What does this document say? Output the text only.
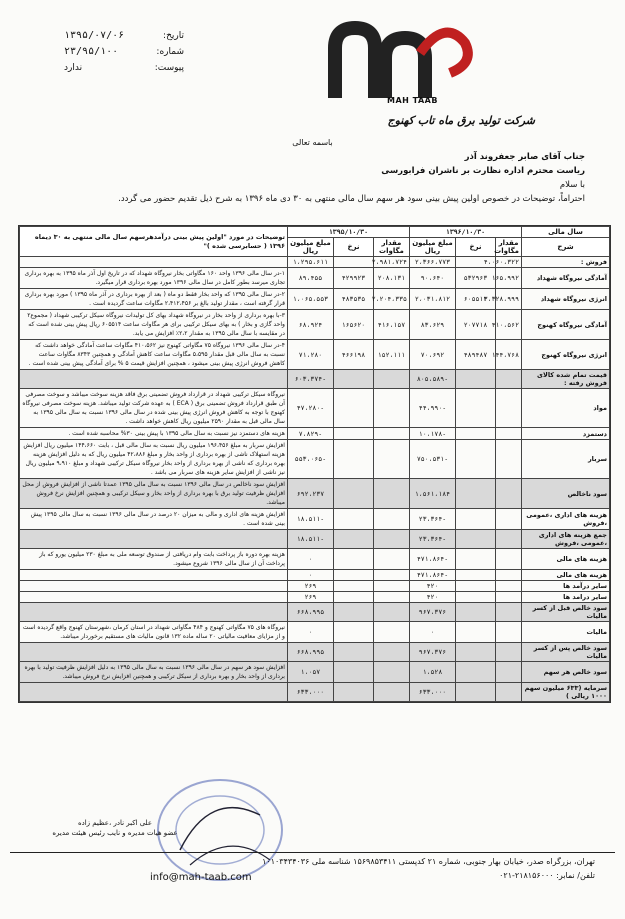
تاریخ:
۱۳۹۵/۰۷/۰۶
شماره:
۲۳/۹۵/۱۰۰
پیوست:
ندارد
MAH TAAB
شرکت تولید برق ماه تاب کهنوج
باسمه تعالی
جناب آقای صابر جعفروند آذر
ریاست محترم اداره نظارت بر ناشران فرابورسی
با سلام
احتراماً، توضیحات در خصوص اولین پیش بینی سود هر سهم سال مالی منتهی به ۳۰ دی ماه ۱۳۹۶ به شرح ذیل تقدیم حضور می گردد.
سال مالی	۱۳۹۶/۱۰/۳۰			۱۳۹۵/۱۰/۳۰			توضیحات در مورد "اولین پیش بینی درآمدهرسهم سال مالی منتهی به ۳۰ دیماه ۱۳۹۶ ( حسابرسی شده )"
شرح	مقدار مگاوات	نرخ	مبلغ میلیون ریال	مقدار مگاوات	نرخ	مبلغ میلیون ریال	
فروش :	۴،۰۶۰،۳۲۲		۲،۳۶۶،۷۷۳	۲،۹۸۱،۷۲۴		۱،۲۹۵،۶۱۱	
آمادگی نیروگاه شهداد	۱۶۵،۹۹۲	۵۳۲۹۶۳	۹۰،۶۴۰	۲۰۸،۱۳۱	۴۲۹۹۲۳	۸۹،۴۵۵	۱-در سال مالی ۱۳۹۶ واحد ۱۶۰ مگاواتی بخار نیروگاه شهداد که در تاریخ اول آذر ماه ۱۳۹۵ به بهره برداری تجاری میرسد بطور کامل در سال مالی ۱۳۹۶ مورد بهره برداری قرار میگیرد.
انرژی نیروگاه شهداد	۳،۳۲۸،۹۹۹	۶۰۵۵۱۴	۲،۰۳۱،۸۱۲	۲،۲۰۴،۳۳۵	۴۸۳۵۳۵	۱،۰۶۵،۵۵۳	۲-در سال مالی ۱۳۹۵ که واحد بخار فقط دو ماه ( بعد از بهره برداری در آذر ماه ۱۳۹۵ ) مورد بهره برداری قرار گرفته است ، مقدار تولید بالغ بر ۲،۴۱۲،۴۵۶ مگاوات ساعت گردیده است .
آمادگی نیروگاه کهنوج	۴۱۰،۵۶۲	۲۰۷۷۱۸	۸۳،۶۲۹	۴۱۶،۱۵۷	۱۶۵۶۲۰	۶۸،۹۲۴	۳-با بهره برداری از واحد بخار در نیروگاه شهداد بهای کل تولیدات نیروگاه سیکل ترکیبی شهداد ( مجموع۲ واحد گازی و بخار ) به بهای سیکل ترکیبی برای هر مگاوات ساعت ۶۰۵۵۱۴ ریال پیش بینی شده است که در مقایسه با سال مالی ۱۳۹۵ به مقدار ۲،۲٪ افزایش می یابد.
انرژی نیروگاه کهنوج	۱۴۴،۷۶۸	۴۸۹۴۸۷	۷۰،۶۹۲	۱۵۲،۱۱۱	۴۶۶۱۹۸	۷۱،۲۸۰	۴-در سال مالی ۱۳۹۶ نیروگاه ۷۵ مگاواتی کهنوج نیز ۴۱۰،۵۶۲ مگاوات ساعت آمادگی خواهد داشت که نسبت به سال مالی قبل مقدار ۵،۵۹۵ مگاوات ساعت کاهش آمادگی و همچنین ۸۳۴۳ مگاوات ساعت کاهش فروش انرژی پیش بینی میشود ، همچنین افزایش قیمت ۵ % برای آمادگی پیش بینی شده است .
قیمت تمام شده کالای فروش رفته :			-۸۰۵،۵۸۹			-۶۰۳،۳۷۴	
مواد			-۴۴،۹۹۰			-۴۷،۲۸۰	نیروگاه سیکل ترکیبی شهداد در قرارداد فروش تضمینی برق فاقد هزینه سوخت میباشد و سوخت مصرفی آن طبق قرارداد فروش تضمینی برق ( ECA ) به عهده شرکت تولید میباشد. هزینه سوخت مصرفی نیروگاه کهنوج با توجه به کاهش فروش انرژی پیش بینی شده در سال مالی ۱۳۹۶ نسبت به سال مالی ۱۳۹۵ به سال مالی قبل به مقدار ۲۵۹۰ میلیون ریال کاهش خواهد داشت .
دستمزد			-۱۰،۱۷۸			-۷،۸۲۹	هزینه های دستمزد نیز نسبت به سال مالی ۱۳۹۵ با پیش بینی ۳۰% محاسبه شده است .
سربار			-۷۵۰،۵۳۱			-۵۵۳،۰۶۵	افزایش سربار به مبلغ ۱۹۶،۴۵۶ میلیون ریال نسبت به سال مالی قبل ، بابت ۱۴۴،۶۶۰ میلیون ریال افزایش هزینه استهلاک ناشی از بهره برداری از واحد بخار و مبلغ ۴۲،۸۸۶ میلیون ریال که به دلیل افزایش هزینه بهره برداری که ناشی از بهره برداری از واحد بخار نیروگاه سیکل ترکیبی شهداد و مبلغ ۹،۹۱۰ میلیون ریال نیز ناشی از افزایش سایر هزینه های سربار می باشد .
سود ناخالص			۱،۵۶۱،۱۸۴			۶۹۲،۲۳۷	افزایش سود ناخالص در سال مالی ۱۳۹۶ نسبت به سال مالی ۱۳۹۵ عمدتا ناشی از افزایش فروش از محل افزایش ظرفیت تولید برق با بهره برداری از واحد بخار و سیکل ترکیبی و همچنین افزایش نرخ فروش میباشد.
هزینه های اداری ،عمومی ،فروش			-۲۳،۳۶۴			-۱۸،۵۱۱	افزایش هزینه های اداری و مالی به میزان ۲۰ درصد در سال مالی ۱۳۹۶ نسبت به سال مالی ۱۳۹۵ پیش بینی شده است .
جمع هزینه های اداری ،عمومی ،فروش			-۲۳،۳۶۴			-۱۸،۵۱۱	
هزینه های مالی			-۴۷۱،۸۶۴			۰	هزینه بهره دوره باز پرداخت بابت وام دریافتی از صندوق توسعه ملی به مبلغ ۲۳۰ میلیون یورو که باز پرداخت آن از سال مالی ۱۳۹۶ شروع میشود.
هزینه های مالی			-۴۷۱،۸۶۴			۰	
سایر درآمد ها			۴۲۰			۲۶۹	
سایر درامد ها			۴۲۰			۲۶۹	
سود خالص قبل از کسر مالیات			۹۶۷،۳۷۶			۶۶۸،۹۹۵	
مالیات			۰			۰	نیروگاه های ۷۵ مگاواتی کهنوج و ۴۸۴ مگاواتی شهداد در استان کرمان ،شهرستان کهنوج واقع گردیده است و از مزایای معافیت مالیاتی ۲۰ ساله ماده ۱۳۲ قانون مالیات های مستقیم برخوردار میباشد.
سود خالص پس از کسر مالیات			۹۶۷،۳۷۶			۶۶۸،۹۹۵	
سود خالص هر سهم			۱،۵۲۸			۱،۰۵۷	افزایش سود هر سهم در سال مالی ۱۳۹۶ نسبت به سال مالی ۱۳۹۵ به دلیل افزایش ظرفیت تولید با بهره برداری از واحد بخار و بهره برداری از سیکل ترکیبی و همچنین افزایش نرخ فروش میباشد.
سرمایه (۶۳۳ میلیون سهم ۱۰۰۰ ریالی )			۶۳۳،۰۰۰			۶۳۳،۰۰۰	
علی اکبر نادر ،عظیم زاده
عضو هیات مدیره و نایب رئیس هیئت مدیره
تهران، بزرگراه صدر، خیابان بهار جنوبی، شماره ۲۱ کدپستی ۱۵۶۹۸۵۳۴۱۱ شناسه ملی ۱۰۱۰۳۴۳۴۰۳۶
تلفن/ نمابر: ۲۱۸۱۵۶۰۰۰-۰۲۱
info@mah-taab.com
